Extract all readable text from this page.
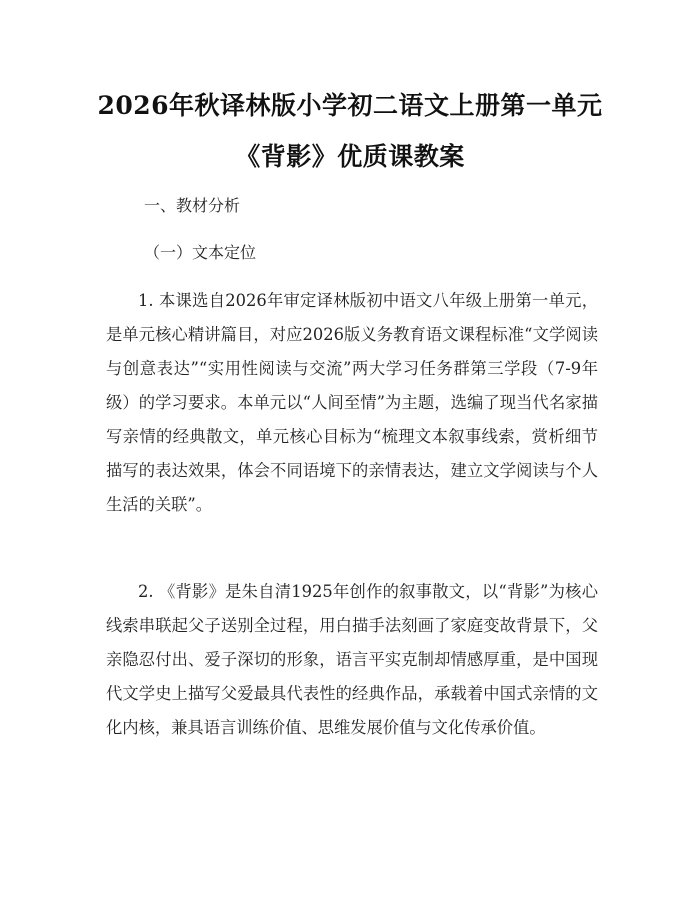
2026年秋译林版小学初二语文上册第一单元
《背影》优质课教案
一、教材分析
（一）文本定位
1. 本课选自2026年审定译林版初中语文八年级上册第一单元，是单元核心精讲篇目，对应2026版义务教育语文课程标准“文学阅读与创意表达”“实用性阅读与交流”两大学习任务群第三学段（7-9年级）的学习要求。本单元以“人间至情”为主题，选编了现当代名家描写亲情的经典散文，单元核心目标为“梳理文本叙事线索，赏析细节描写的表达效果，体会不同语境下的亲情表达，建立文学阅读与个人生活的关联”。
2. 《背影》是朱自清1925年创作的叙事散文，以“背影”为核心线索串联起父子送别全过程，用白描手法刻画了家庭变故背景下，父亲隐忍付出、爱子深切的形象，语言平实克制却情感厚重，是中国现代文学史上描写父爱最具代表性的经典作品，承载着中国式亲情的文化内核，兼具语言训练价值、思维发展价值与文化传承价值。
